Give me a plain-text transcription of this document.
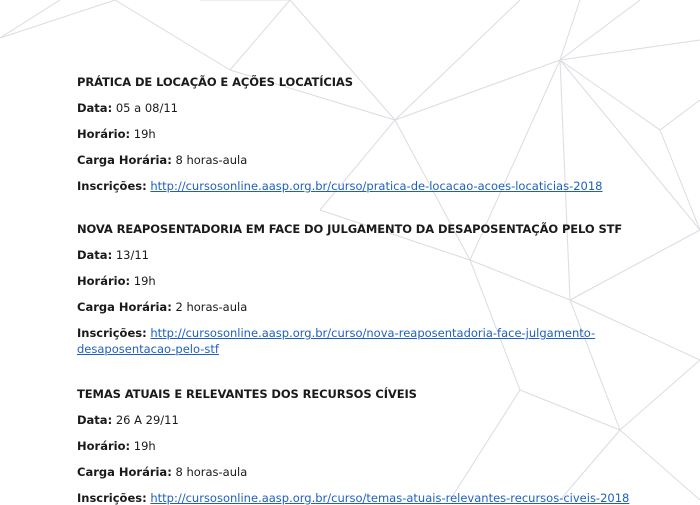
PRÁTICA DE LOCAÇÃO E AÇÕES LOCATÍCIAS

Data: 05 a 08/11

Horário: 19h

Carga Horária: 8 horas-aula

Inscrições: http://cursosonline.aasp.org.br/curso/pratica-de-locacao-acoes-locaticias-2018

NOVA REAPOSENTADORIA EM FACE DO JULGAMENTO DA DESAPOSENTAÇÃO PELO STF

Data: 13/11

Horário: 19h

Carga Horária: 2 horas-aula

Inscrições: http://cursosonline.aasp.org.br/curso/nova-reaposentadoria-face-julgamento-

desaposentacao-pelo-stf

TEMAS ATUAIS E RELEVANTES DOS RECURSOS CÍVEIS

Data: 26 A 29/11

Horário: 19h

Carga Horária: 8 horas-aula

Inscrições: http://cursosonline.aasp.org.br/curso/temas-atuais-relevantes-recursos-civeis-2018
